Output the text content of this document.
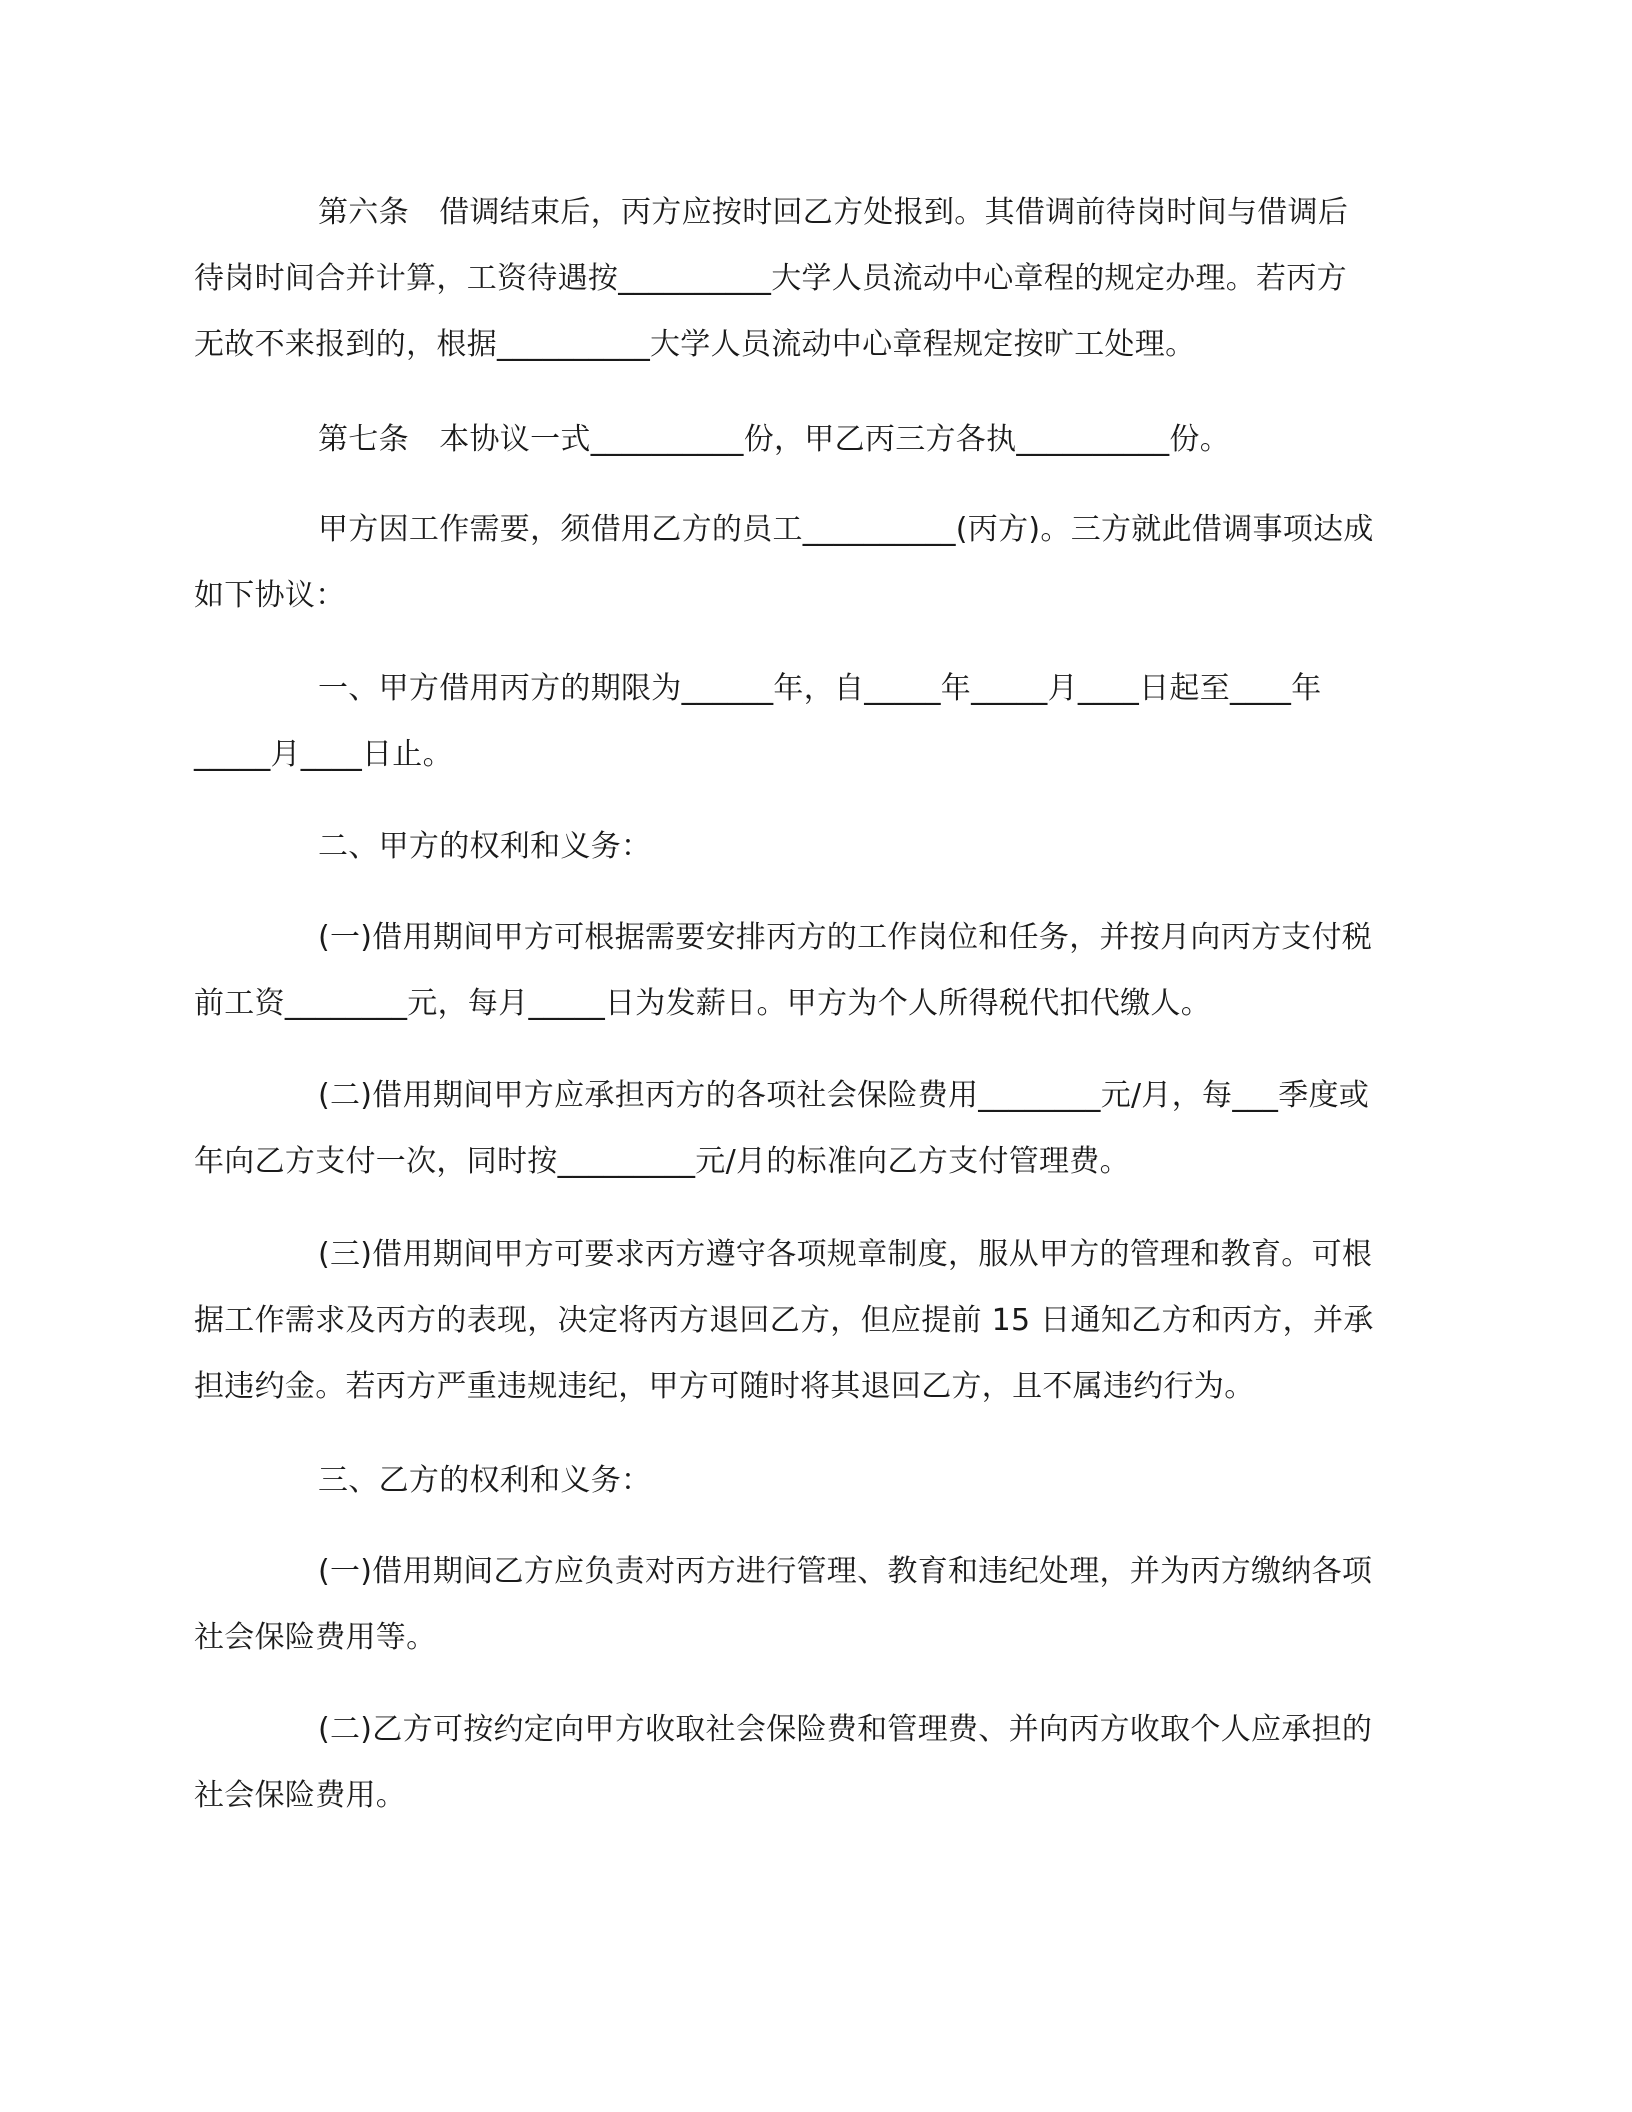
第六条　借调结束后，丙方应按时回乙方处报到。其借调前待岗时间与借调后
待岗时间合并计算，工资待遇按__________大学人员流动中心章程的规定办理。若丙方
无故不来报到的，根据__________大学人员流动中心章程规定按旷工处理。

第七条　本协议一式__________份，甲乙丙三方各执__________份。

甲方因工作需要，须借用乙方的员工__________(丙方)。三方就此借调事项达成
如下协议：

一、甲方借用丙方的期限为______年，自_____年_____月____日起至____年
_____月____日止。

二、甲方的权利和义务：

(一)借用期间甲方可根据需要安排丙方的工作岗位和任务，并按月向丙方支付税
前工资________元，每月_____日为发薪日。甲方为个人所得税代扣代缴人。

(二)借用期间甲方应承担丙方的各项社会保险费用________元/月，每___季度或
年向乙方支付一次，同时按_________元/月的标准向乙方支付管理费。

(三)借用期间甲方可要求丙方遵守各项规章制度，服从甲方的管理和教育。可根
据工作需求及丙方的表现，决定将丙方退回乙方，但应提前 15 日通知乙方和丙方，并承
担违约金。若丙方严重违规违纪，甲方可随时将其退回乙方，且不属违约行为。

三、乙方的权利和义务：

(一)借用期间乙方应负责对丙方进行管理、教育和违纪处理，并为丙方缴纳各项
社会保险费用等。

(二)乙方可按约定向甲方收取社会保险费和管理费、并向丙方收取个人应承担的
社会保险费用。
